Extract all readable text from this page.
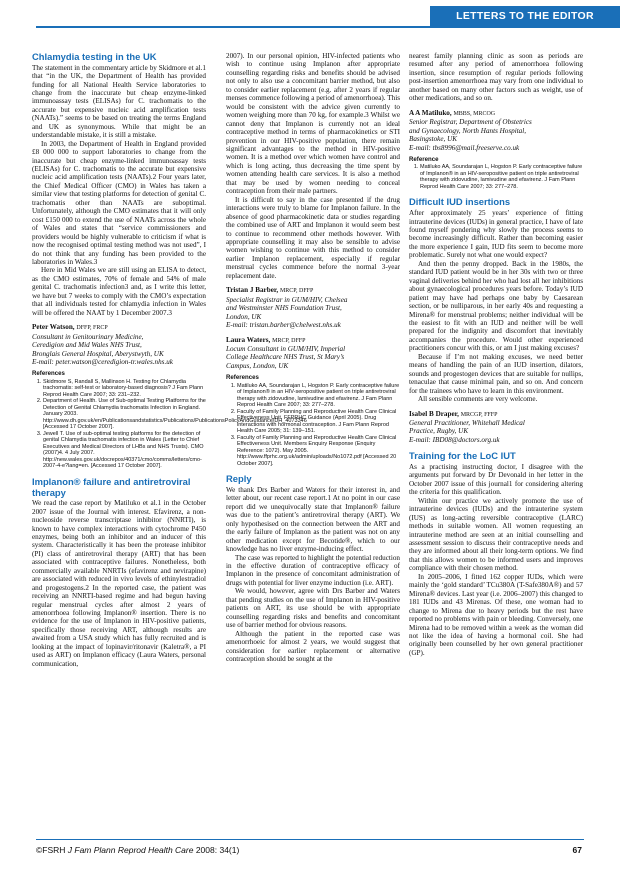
LETTERS TO THE EDITOR
Chlamydia testing in the UK

The statement in the commentary article by Skidmore et al.1 that “in the UK, the Department of Health has provided funding for all National Health Service laboratories to change from the inaccurate but cheap enzyme-linked immunoassay tests (ELISAs) for C. trachomatis to the accurate but expensive nucleic acid amplification tests (NAATs).” seems to be based on treating the terms England and UK as synonymous. While that might be an understandable mistake, it is still a mistake.

In 2003, the Department of Health in England provided £8 000 000 to support laboratories to change from the inaccurate but cheap enzyme-linked immunoassay tests (ELISAs) for C. trachomatis to the accurate but expensive nucleic acid amplification tests (NAATs).2 Four years later, the Chief Medical Officer (CMO) in Wales has taken a similar view that testing platforms for detection of genital C. trachomatis other than NAATs are suboptimal. Unfortunately, although the CMO estimates that it will only cost £150 000 to extend the use of NAATs across the whole of Wales and states that “service commissioners and providers would be highly vulnerable to criticism if what is now the recognised optimal testing method was not used”, I do not think that any funding has been provided to the laboratories in Wales.3

Here in Mid Wales we are still using an ELISA to detect, as the CMO estimates, 70% of female and 54% of male genital C. trachomatis infection3 and, as I write this letter, we have but 7 weeks to comply with the CMO’s expectation that all individuals tested for chlamydia infection in Wales will be offered the NAAT by 1 December 2007.3

Peter Watson, DFFP, FRCP
Consultant in Genitourinary Medicine,
Ceredigion and Mid Wales NHS Trust,
Bronglais General Hospital, Aberystwyth, UK
E-mail: peter.watson@ceredigion-tr.wales.nhs.uk
References
1. Skidmore S, Randall S, Mallinson H. Testing for Chlamydia trachomatis: self-test or laboratory-based diagnosis? J Fam Plann Reprod Health Care 2007; 33: 231–232.
2. Department of Health. Use of Sub-optimal Testing Platforms for the Detection of Genital Chlamydia trachomatis Infection in England. January 2003. http://www.dh.gov.uk/en/Publicationsandstatistics/Publications/PublicationsPolicyAndGuidance/DH_4073346 [Accessed 17 October 2007].
3. Jewell T. Use of sub-optimal testing platforms for the detection of genital Chlamydia trachomatis infection in Wales (Letter to Chief Executives and Medical Directors of LHBs and NHS Trusts). CMO (2007)4. 4 July 2007. http://new.wales.gov.uk/docrepos/40371/cmo/comms/letters/cmo-2007-4-e?lang=en. [Accessed 17 October 2007].
Implanon® failure and antiretroviral therapy

We read the case report by Matiluko et al.1 in the October 2007 issue of the Journal with interest. Efavirenz, a non-nucleoside reverse transcriptase inhibitor (NNRTI), is known to have complex interactions with cytochrome P450 enzymes, being both an inhibitor and an inducer of this system. Characteristically it has been the protease inhibitor (PI) class of antiretroviral therapy (ART) that has been associated with contraceptive failures. Nonetheless, both commercially available NNRTIs (efavirenz and nevirapine) are associated with reduced in vivo levels of ethinylestradiol and progestogens.2 In the reported case, the patient was receiving an NNRTI-based regime and had begun having regular menstrual cycles after almost 2 years of amenorrhoea following Implanon® insertion. There is no evidence for the use of Implanon in HIV-positive patients, specifically those receiving ART, although results are awaited from a USA study which has fully recruited and is looking at the impact of lopinavir/ritonavir (Kaletra®, a PI used as ART) on Implanon efficacy (Laura Waters, personal communication,

2007). In our personal opinion, HIV-infected patients who wish to continue using Implanon after appropriate counselling regarding risks and benefits should be advised not only to also use a concomitant barrier method, but also to consider earlier replacement (e.g. after 2 years if regular menses commence following a period of amenorrhoea). This would be consistent with the advice given currently to women weighing more than 70 kg, for example.3 Whilst we cannot deny that Implanon is currently not an ideal contraceptive method in terms of pharmacokinetics or STI prevention in our HIV-positive population, there remain significant advantages to the method in HIV-positive women. It is a method over which women have control and which is long acting, thus decreasing the time spent by women attending health care services. It is also a method that may be used by women needing to conceal contraception from their male partners.

It is difficult to say in the case presented if the drug interactions were truly to blame for Implanon failure. In the absence of good pharmacokinetic data or studies regarding the combined use of ART and Implanon it would seem best to continue to recommend other methods however. With appropriate counselling it may also be sensible to advise women wishing to continue with this method to consider earlier Implanon replacement, especially if regular menstrual cycles commence before the normal 3-year replacement date.

Tristan J Barber, MRCP, DFFP
Specialist Registrar in GUM/HIV, Chelsea
and Westminster NHS Foundation Trust,
London, UK
E-mail: tristan.barber@chelwest.nhs.uk
Laura Waters, MRCP, DFFP
Locum Consultant in GUM/HIV, Imperial
College Healthcare NHS Trust, St Mary’s
Campus, London, UK
References
1. Matiluko AA, Soundarajan L, Hogston P. Early contraceptive failure of Implanon® in an HIV-seropositive patient on triple antiretroviral therapy with zidovudine, lamivudine and efavirenz. J Fam Plann Reprod Health Care 2007; 33: 277–278.
2. Faculty of Family Planning and Reproductive Health Care Clinical Effectiveness Unit. FFPRHC Guidance (April 2005). Drug interactions with hormonal contraception. J Fam Plann Reprod Health Care 2005; 31: 139–151.
3. Faculty of Family Planning and Reproductive Health Care Clinical Effectiveness Unit. Members Enquiry Response (Enquiry Reference: 1072). May 2005. http://www.ffprhc.org.uk/admin/uploads/No1072.pdf [Accessed 20 October 2007].
Reply

We thank Drs Barber and Waters for their interest in, and letter about, our recent case report.1 At no point in our case report did we unequivocally state that Implanon® failure was due to the patient’s antiretroviral therapy (ART). We only hypothesised on the connection between the ART and the early failure of Implanon as the patient was not on any other medication except for Becotide®, which to our knowledge has no liver enzyme-inducing effect.

The case was reported to highlight the potential reduction in the effective duration of contraceptive efficacy of Implanon in the presence of concomitant administration of drugs with potential for liver enzyme induction (i.e. ART).

We would, however, agree with Drs Barber and Waters that pending studies on the use of Implanon in HIV-positive patients on ART, its use should be with appropriate counselling regarding risks and benefits and concomitant use of barrier method for obvious reasons.

Although the patient in the reported case was amenorrhoeic for almost 2 years, we would suggest that consideration for earlier replacement or alternative contraception should be sought at the

nearest family planning clinic as soon as periods are resumed after any period of amenorrhoea following insertion, since resumption of regular periods following post-insertion amenorrhoea may vary from one individual to another based on many other factors such as weight, use of other medications, and so on.

A A Matiluko, MBBS, MRCOG
Senior Registrar, Department of Obstetrics
and Gynaecology, North Hants Hospital,
Basingstoke, UK
E-mail: tbs8996@mail.freeserve.co.uk
Reference
1. Matiluko AA, Soundarajan L, Hogston P. Early contraceptive failure of Implanon® in an HIV-seropositive patient on triple antiretroviral therapy with zidovudine, lamivudine and efavirenz. J Fam Plann Reprod Health Care 2007; 33: 277–278.
Difficult IUD insertions

After approximately 25 years’ experience of fitting intrauterine devices (IUDs) in general practice, I have of late found myself pondering why slowly the process seems to become increasingly difficult. Rather than becoming easier the more experience I gain, IUD fits seem to become more problematic. Surely not what one would expect?

And then the penny dropped. Back in the 1980s, the standard IUD patient would be in her 30s with two or three vaginal deliveries behind her who had lost all her inhibitions about gynaecological procedures years before. Today’s IUD patient may have had perhaps one baby by Caesarean section, or be nulliparous, in her early 40s and requesting a Mirena® for menstrual problems; neither individual will be the easiest to fit with an IUD and neither will be well prepared for the indignity and discomfort that inevitably accompanies the procedure. Would other experienced practitioners concur with this, or am I just making excuses?

Because if I’m not making excuses, we need better means of handling the pain of an IUD insertion, dilators, sounds and progestogen devices that are suitable for nullips, tenaculae that cause minimal pain, and so on. And concern for the trainees who have to learn in this environment.

All sensible comments are very welcome.

Isabel B Draper, MRCGP, FFFP
General Practitioner, Whitehall Medical
Practice, Rugby, UK
E-mail: IBD08@doctors.org.uk
Training for the LoC IUT

As a practising instructing doctor, I disagree with the arguments put forward by Dr Devonald in her letter in the October 2007 issue of this journal1 for considering altering the criteria for this qualification.

Within our practice we actively promote the use of intrauterine devices (IUDs) and the intrauterine system (IUS) as long-acting reversible contraceptive (LARC) methods in suitable women. All women requesting an intrauterine method are seen at an initial counselling and assessment session to discuss their contraceptive needs and they are informed about all their long-term options. We find that this allows women to be informed users and improves compliance with their chosen method.

In 2005–2006, I fitted 162 copper IUDs, which were mainly the ‘gold standard’ TCu380A (T-Safe380A®) and 57 Mirena® devices. Last year (i.e. 2006–2007) this changed to 181 IUDs and 43 Mirenas. Of these, one woman had to change to Mirena due to heavy periods but the rest have reported no problems with pain or bleeding. Conversely, one Mirena had to be removed within a week as the woman did not like the idea of having a hormonal coil. She had originally been counselled by her own general practitioner (GP).

©FSRH J Fam Plann Reprod Health Care 2008: 34(1)	67
